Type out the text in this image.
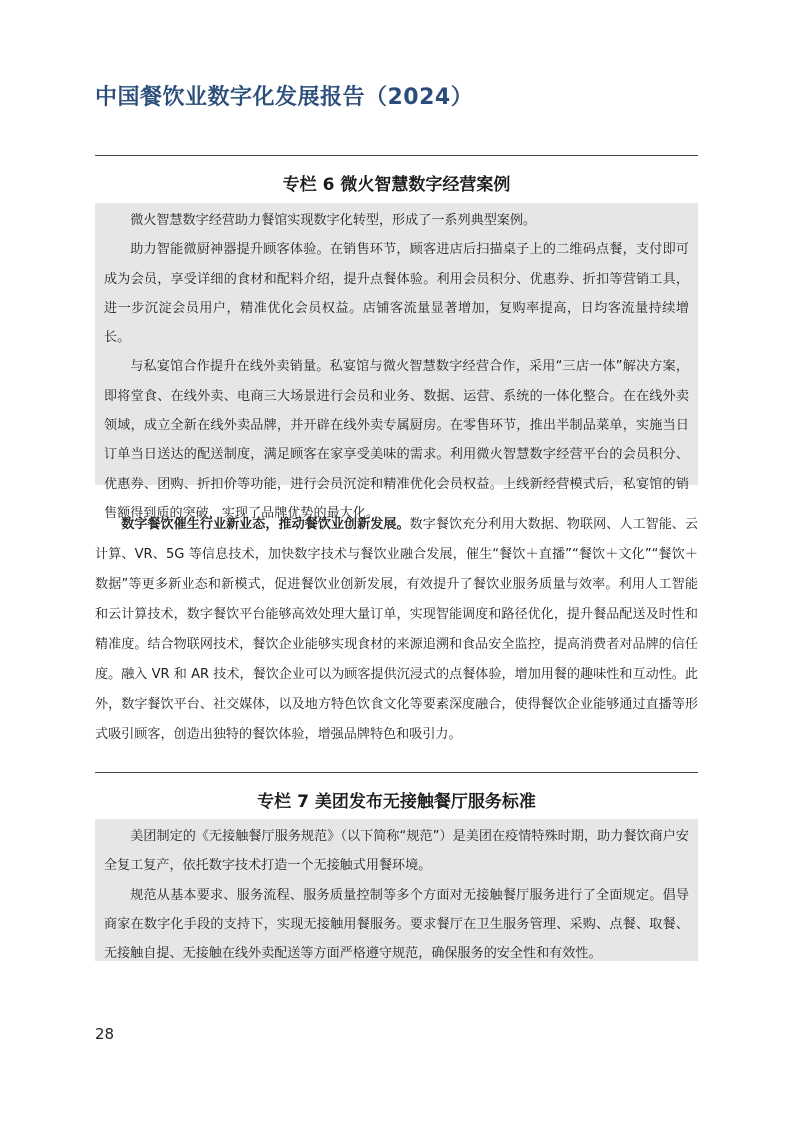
中国餐饮业数字化发展报告（2024）
专栏 6 微火智慧数字经营案例

微火智慧数字经营助力餐馆实现数字化转型，形成了一系列典型案例。

助力智能微厨神器提升顾客体验。在销售环节，顾客进店后扫描桌子上的二维码点餐，支付即可成为会员，享受详细的食材和配料介绍，提升点餐体验。利用会员积分、优惠券、折扣等营销工具，进一步沉淀会员用户，精准优化会员权益。店铺客流量显著增加，复购率提高，日均客流量持续增长。

与私宴馆合作提升在线外卖销量。私宴馆与微火智慧数字经营合作，采用“三店一体”解决方案，即将堂食、在线外卖、电商三大场景进行会员和业务、数据、运营、系统的一体化整合。在在线外卖领域，成立全新在线外卖品牌，并开辟在线外卖专属厨房。在零售环节，推出半制品菜单，实施当日订单当日送达的配送制度，满足顾客在家享受美味的需求。利用微火智慧数字经营平台的会员积分、优惠券、团购、折扣价等功能，进行会员沉淀和精准优化会员权益。上线新经营模式后，私宴馆的销售额得到质的突破，实现了品牌优势的最大化。

数字餐饮催生行业新业态，推动餐饮业创新发展。数字餐饮充分利用大数据、物联网、人工智能、云计算、VR、5G 等信息技术，加快数字技术与餐饮业融合发展，催生“餐饮＋直播”“餐饮＋文化”“餐饮＋数据”等更多新业态和新模式，促进餐饮业创新发展，有效提升了餐饮业服务质量与效率。利用人工智能和云计算技术，数字餐饮平台能够高效处理大量订单，实现智能调度和路径优化，提升餐品配送及时性和精准度。结合物联网技术，餐饮企业能够实现食材的来源追溯和食品安全监控，提高消费者对品牌的信任度。融入 VR 和 AR 技术，餐饮企业可以为顾客提供沉浸式的点餐体验，增加用餐的趣味性和互动性。此外，数字餐饮平台、社交媒体，以及地方特色饮食文化等要素深度融合，使得餐饮企业能够通过直播等形式吸引顾客，创造出独特的餐饮体验，增强品牌特色和吸引力。

专栏 7 美团发布无接触餐厅服务标准

美团制定的《无接触餐厅服务规范》（以下简称“规范”）是美团在疫情特殊时期，助力餐饮商户安全复工复产，依托数字技术打造一个无接触式用餐环境。

规范从基本要求、服务流程、服务质量控制等多个方面对无接触餐厅服务进行了全面规定。倡导商家在数字化手段的支持下，实现无接触用餐服务。要求餐厅在卫生服务管理、采购、点餐、取餐、无接触自提、无接触在线外卖配送等方面严格遵守规范，确保服务的安全性和有效性。

28
